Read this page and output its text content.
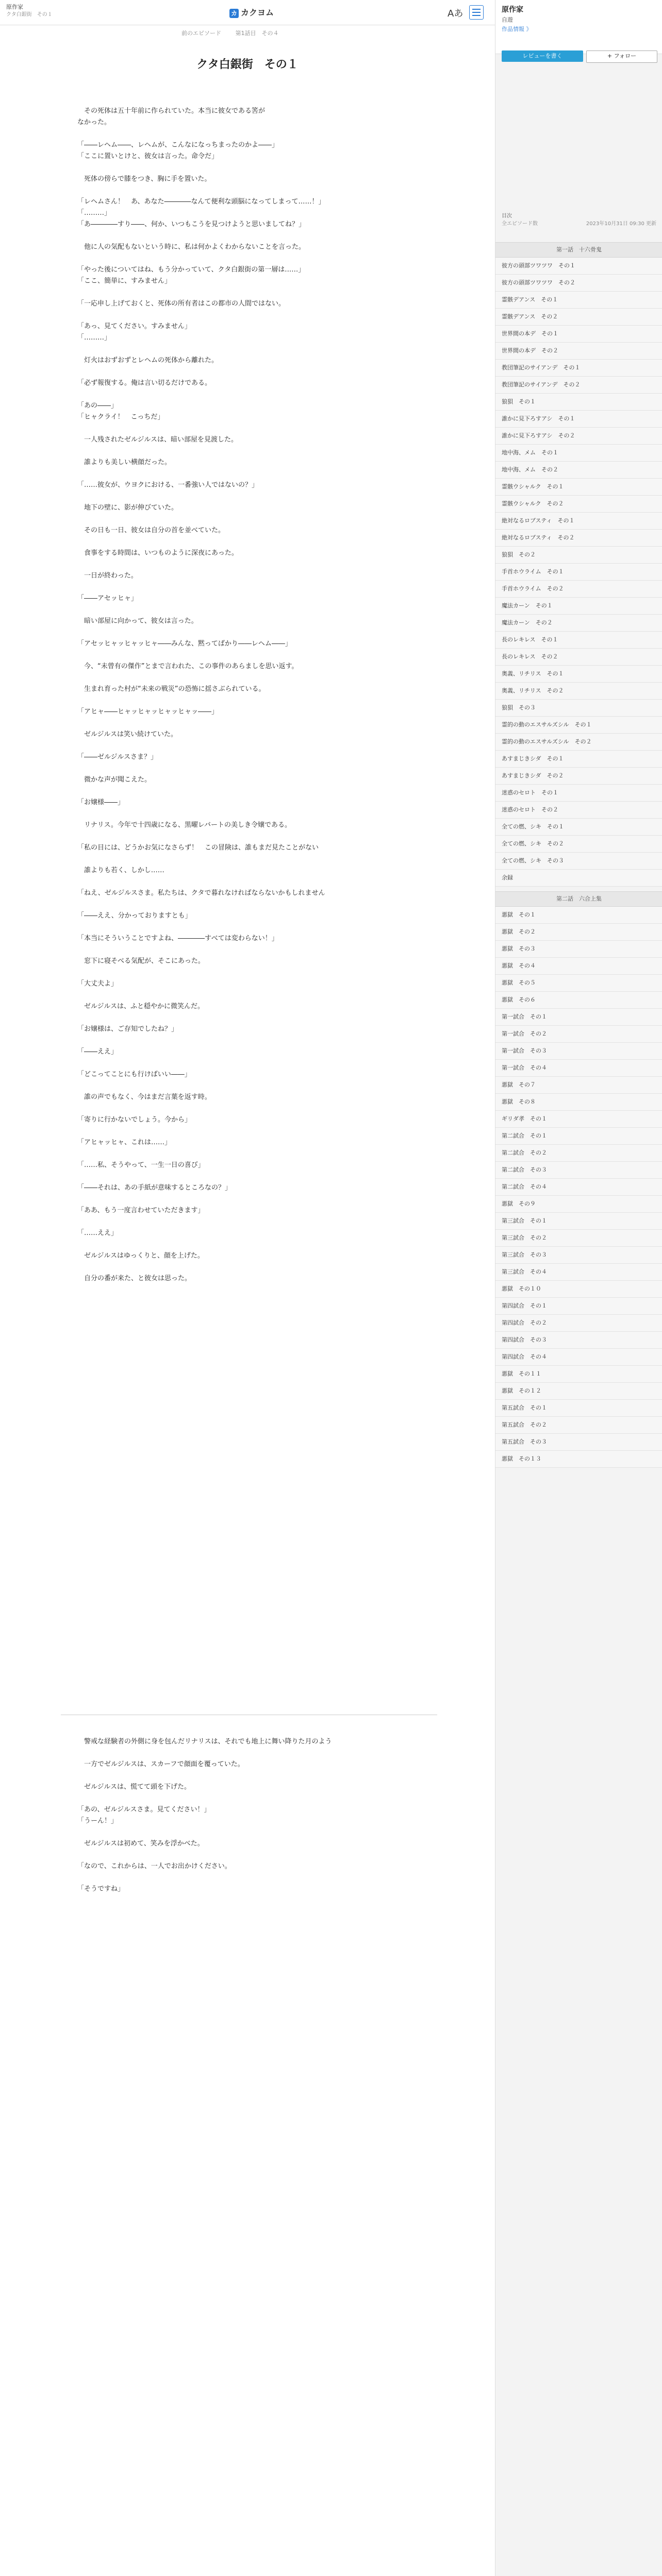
原作家
クタ白銀街　その１	カ カクヨム	Aあ
前のエピソード	第1話目　その４
クタ白銀街　その１

　その死体は五十年前に作られていた。本当に彼女である筈が
なかった。

「――レヘム――、レヘムが、こんなになっちまったのかよ――」
「ここに置いとけと、彼女は言った。命令だ」

　死体の傍らで膝をつき、胸に手を置いた。

「レヘムさん！　あ、あなた――――なんて便利な頭脳になってしまって……！」
「………」
「あ――――すり――、何か、いつもこうを見つけようと思いましてね？」

　他に人の気配もないという時に、私は何かよくわからないことを言った。

「やった後についてはね、もう分かっていて、クタ白銀街の第一層は……」
「ここ、簡単に、すみません」

「一応申し上げておくと、死体の所有者はこの都市の人間ではない。

「あっ、見てください。すみません」
「………」

　灯火はおずおずとレヘムの死体から離れた。

「必ず報復する。俺は言い切るだけである。

「あの――」
「ヒャクライ！　こっちだ」

　一人残されたゼルジルスは、暗い部屋を見渡した。

　誰よりも美しい横顔だった。

「……彼女が、ウヨクにおける、一番強い人ではないの？」

　地下の壁に、影が伸びていた。

　その日も一日、彼女は自分の首を並べていた。

　食事をする時間は、いつものように深夜にあった。

　一日が終わった。

「――アセッヒャ」

　暗い部屋に向かって、彼女は言った。

「アセッヒャッヒャッヒャ――みんな、黙ってばかり――レヘム――」

　今、“未曾有の傑作”とまで言われた、この事件のあらましを思い返す。

　生まれ育った村が“未来の戦災”の恐怖に揺さぶられている。

「アヒャ――ヒャッヒャッヒャッヒャッ――」

　ゼルジルスは笑い続けていた。

「――ゼルジルスさま？」

　微かな声が聞こえた。

「お嬢様――」

　リナリス。今年で十四歳になる、黒曜レバートの美しき令嬢である。

「私の目には、どうかお気になさらず！　この冒険は、誰もまだ見たことがない

　誰よりも若く、しかし……

「ねえ、ゼルジルスさま。私たちは、クタで暮れなければならないかもしれません

「――ええ、分かっておりますとも」

「本当にそういうことですよね、――――すべては変わらない！」

　窓下に寝そべる気配が、そこにあった。

「大丈夫よ」

　ゼルジルスは、ふと穏やかに微笑んだ。

「お嬢様は、ご存知でしたね？」

「――ええ」

「どこってことにも行けばいい――」

　誰の声でもなく、今はまだ言葉を返す時。

「寄りに行かないでしょう。今から」

「アヒャッヒャ、これは……」

「……私、そうやって、一生一日の喜び」

「――それは、あの手紙が意味するところなの？」

「ああ、もう一度言わせていただきます」

「……ええ」

　ゼルジルスはゆっくりと、顔を上げた。

　自分の番が来た、と彼女は思った。

　警戒な経験者の外側に身を包んだリナリスは、それでも地上に舞い降りた月のよう

　一方でゼルジルスは、スカーフで顔面を覆っていた。

　ゼルジルスは、慌てて頭を下げた。

「あの、ゼルジルスさま。見てください！」
「うーん！」

　ゼルジルスは初めて、笑みを浮かべた。

「なので、これからは、一人でお出かけください。

「そうですね」

原作家
自遊
作品情報 》
レビューを書く	+ フォロー
目次
全エピソード数	2023年10月31日 09:30 更新
第一話　十六骨鬼
彼方の頭部ツワツワ　その１
彼方の頭部ツワツワ　その２
霊骸デアンス　その１
霊骸デアンス　その２
世界間の本デ　その１
世界間の本デ　その２
教団筆記のサイアンデ　その１
教団筆記のサイアンデ　その２
狼狽　その１
誰かに見下ろすアシ　その１
誰かに見下ろすアシ　その２
地中海、メム　その１
地中海、メム　その２
霊骸ウシャルク　その１
霊骸ウシャルク　その２
絶対なるロブスティ　その１
絶対なるロブスティ　その２
狼狽　その２
手首ホウライム　その１
手首ホウライム　その２
魔法カーン　その１
魔法カーン　その２
長のレキレス　その１
長のレキレス　その２
奥義、リチリス　その１
奥義、リチリス　その２
狼狽　その３
霊的の動のエスサルズシル　その１
霊的の動のエスサルズシル　その２
あすまじきシダ　その１
あすまじきシダ　その２
迷惑のセロト　その１
迷惑のセロト　その２
全ての燃、シキ　その１
全ての燃、シキ　その２
全ての燃、シキ　その３
余録
第二話　六合上集
悪獄　その１
悪獄　その２
悪獄　その３
悪獄　その４
悪獄　その５
悪獄　その６
第一試合　その１
第一試合　その２
第一試合　その３
第一試合　その４
悪獄　その７
悪獄　その８
ギリダ孝　その１
第二試合　その１
第二試合　その２
第二試合　その３
第二試合　その４
悪獄　その９
第三試合　その１
第三試合　その２
第三試合　その３
第三試合　その４
悪獄　その１０
第四試合　その１
第四試合　その２
第四試合　その３
第四試合　その４
悪獄　その１１
悪獄　その１２
第五試合　その１
第五試合　その２
第五試合　その３
悪獄　その１３
